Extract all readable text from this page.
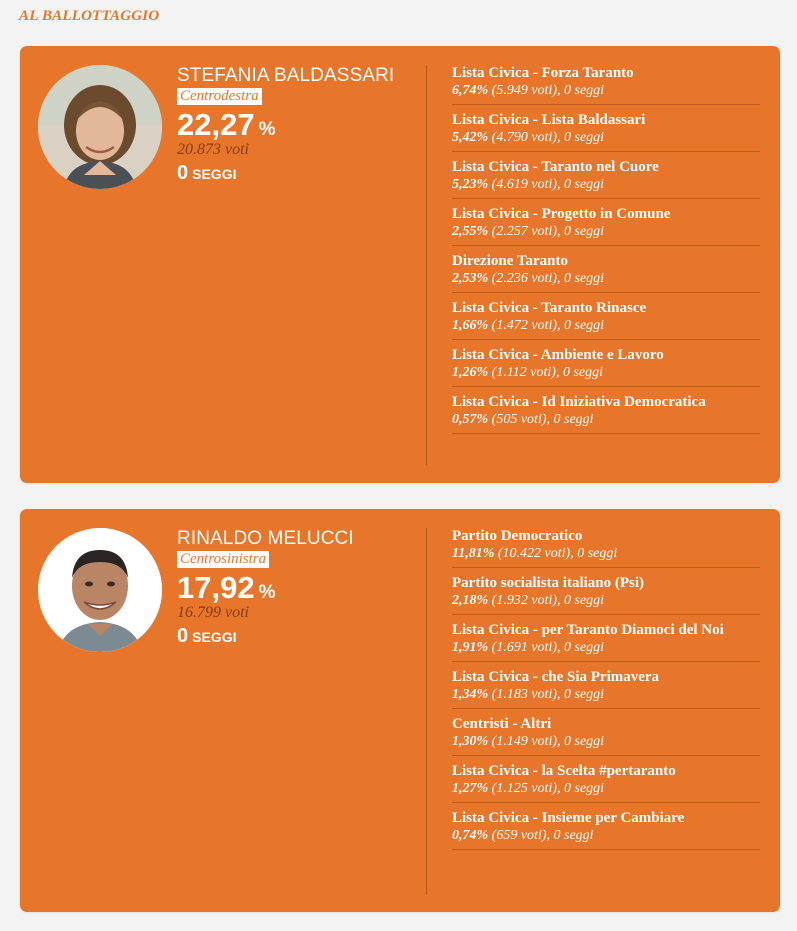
AL BALLOTTAGGIO
STEFANIA BALDASSARI
Centrodestra
22,27 %
20.873 voti
0 SEGGI
Lista Civica - Forza Taranto
6,74% (5.949 voti), 0 seggi
Lista Civica - Lista Baldassari
5,42% (4.790 voti), 0 seggi
Lista Civica - Taranto nel Cuore
5,23% (4.619 voti), 0 seggi
Lista Civica - Progetto in Comune
2,55% (2.257 voti), 0 seggi
Direzione Taranto
2,53% (2.236 voti), 0 seggi
Lista Civica - Taranto Rinasce
1,66% (1.472 voti), 0 seggi
Lista Civica - Ambiente e Lavoro
1,26% (1.112 voti), 0 seggi
Lista Civica - Id Iniziativa Democratica
0,57% (505 voti), 0 seggi
RINALDO MELUCCI
Centrosinistra
17,92 %
16.799 voti
0 SEGGI
Partito Democratico
11,81% (10.422 voti), 0 seggi
Partito socialista italiano (Psi)
2,18% (1.932 voti), 0 seggi
Lista Civica - per Taranto Diamoci del Noi
1,91% (1.691 voti), 0 seggi
Lista Civica - che Sia Primavera
1,34% (1.183 voti), 0 seggi
Centristi - Altri
1,30% (1.149 voti), 0 seggi
Lista Civica - la Scelta #pertaranto
1,27% (1.125 voti), 0 seggi
Lista Civica - Insieme per Cambiare
0,74% (659 voti), 0 seggi
